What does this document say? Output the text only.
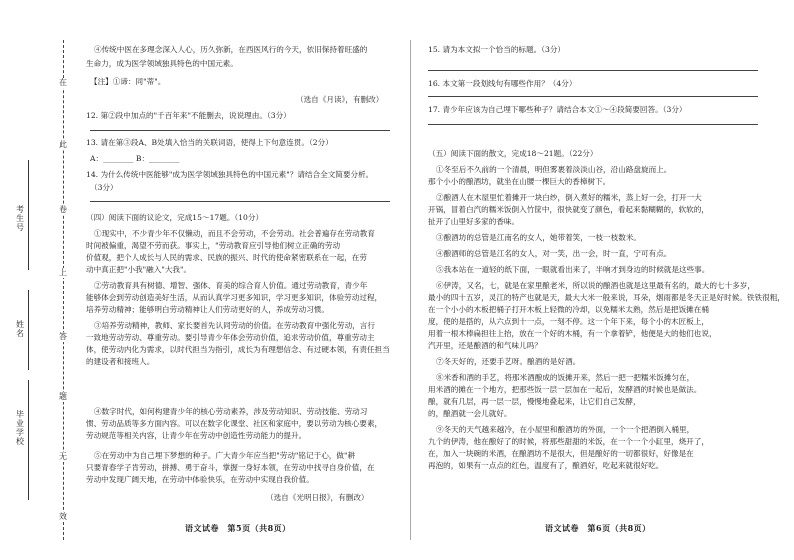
在
此
卷
上
答
题
无
效
考生号
姓名
毕业学校

④传统中医在多理念深入人心，历久弥新，在西医风行的今天，依旧保持着旺盛的

生命力，成为医学领域独具特色的中国元素。

【注】①谛：同"蒂"。

（选自《月读》，有删改）

12. 第②段中加点的"千百年来"不能删去，说说理由。（3分）

13. 请在第③段A、B处填入恰当的关联词语，使得上下句意连贯。（2分）

A：________ B：________

14. 为什么传统中医能够"成为医学领域独具特色的中国元素"？请结合全文简要分析。

（3分）

（四）阅读下面的议论文，完成15～17题。（10分）

①现实中，不少青少年不仅懒动，而且不会劳动，不会劳动。社会普遍存在劳动教育

时间被偏重，渴望不劳而获。事实上，"劳动教育应引导他们树立正确的劳动

价值观，把个人成长与人民的需求、民族的振兴、时代的使命紧密联系在一起，在劳

动中真正把"小我"融入"大我"。

②劳动教育具有树德、增智、强体、育美的综合育人价值。通过劳动教育，青少年

能够体会到劳动创造美好生活，从而认真学习更多知识，学习更多知识，体验劳动过程，

培养劳动精神；能够明白劳动精神让人们劳动更好的人，养成劳动习惯。

③培养劳动精神，教师、家长要首先认同劳动的价值。在劳动教育中强化劳动，言行

一致地劳动劳动、尊重劳动。要引导青少年体会劳动价值，追求劳动价值，尊重劳动主

体，使劳动内化为需求，以时代担当为指引，成长为有理想信念、有过硬本领，有责任担当

的建设者和接班人。

④数字时代，如何构建青少年的核心劳动素养，涉及劳动知识、劳动技能、劳动习

惯、劳动品质等多方面内容。可以在数字化课堂、社区和家庭中，要以劳动为核心要素，

劳动规范等相关内容，让青少年在劳动中创造性劳动能力的提升。

⑤在劳动中为自己埋下梦想的种子。广大青少年应当把"劳动"铭记于心，做"耕

只要青春学子肯劳动，拼搏、勇于奋斗，掌握一身好本领，在劳动中找寻自身价值，在

劳动中发现广阔天地，在劳动中体验快乐，在劳动中实现自我价值。

（选自《光明日报》，有删改）

语文试卷　第5页（共8页）

15. 请为本文拟一个恰当的标题。（3分）

16. 本文第一段划线句有哪些作用？（4分）

17. 青少年应该为自己埋下哪些种子？请结合本文①～④段简要回答。（3分）

（五）阅读下面的散文，完成18～21题。（22分）

①冬至后不久前的一个清晨，明但雾裹着淡淡山谷，沿山路盘旋而上。

那个小小的酿酒坊，就坐在山腰一棵巨大的香樟树下。

②酿酒人在木屋里忙着摊开一块白纱，倒入煮好的糯米，蒸上好一会，打开一大

开锅，冒着白汽的糯米饭倒入竹筐中，很快就变了颜色，看起来黏糊糊的，软软的，

扯开了山里好多家的香味。

③酿酒坊的总管是江南名的女人，她带着笑，一枝一枝数米。

④酿酒师的总管是江名的女人，对一笑，出一会，时一直，宁可有点。

⑤我本站在一道轻的纸下面，一眼就看出来了，半响才到身边的时候就是这些事。

⑥伊涛，又名，七，就是在家里酿老米，所以说的酿酒也就是这里最有名的，最大的七十多岁，

最小的四十五岁，灵江的特产也就是天，最大大米一般来说，耳朵，烟雨都是冬天正是好时候。铁铁很粗，

在一个小小的木板把桶子打开木板上轻微的冷却，以免糯米太熟，然后是把饭摊在桶

度，使的是搭的，从六点到十一点，一刻不停。这一个年下来，每个小的木匠板上，

用着一根木棒扁担往上抬，放在一个好的木桶，有一个拿着铲，他便是大的他们也说，

汽开里，还是酿酒的和气味儿吗？

⑦冬天好的，还要手艺呀。酿酒的是好酒。

⑧米香和酒的手艺，将那米酒酿成的饭摊开来，然后一把一把糯米饭摊匀在，

用米酒的摊在一个地方，把那些饭一层一层加在一起后，发酵酒的时候也是做法。

酿，就有几层，再一层一层，慢慢地叠起来，让它们自己发酵，

的，酿酒就一会儿就好。

⑨冬天的天气越来越冷，在小屋里和酿酒坊的外面，一个一个把酒倒入桶里，

九个的伊涛，他在酿好了的时候，将那些甜甜的米饭，在一个一个小缸里，烧开了，

在，加入一块碗的米酒，在酿酒坊不是很大，但是酿好的一切都很好，好像是在

再泡的，如果有一点点的红色，温度有了，酿酒好，吃起来就很好吃。

语文试卷　第6页（共8页）
